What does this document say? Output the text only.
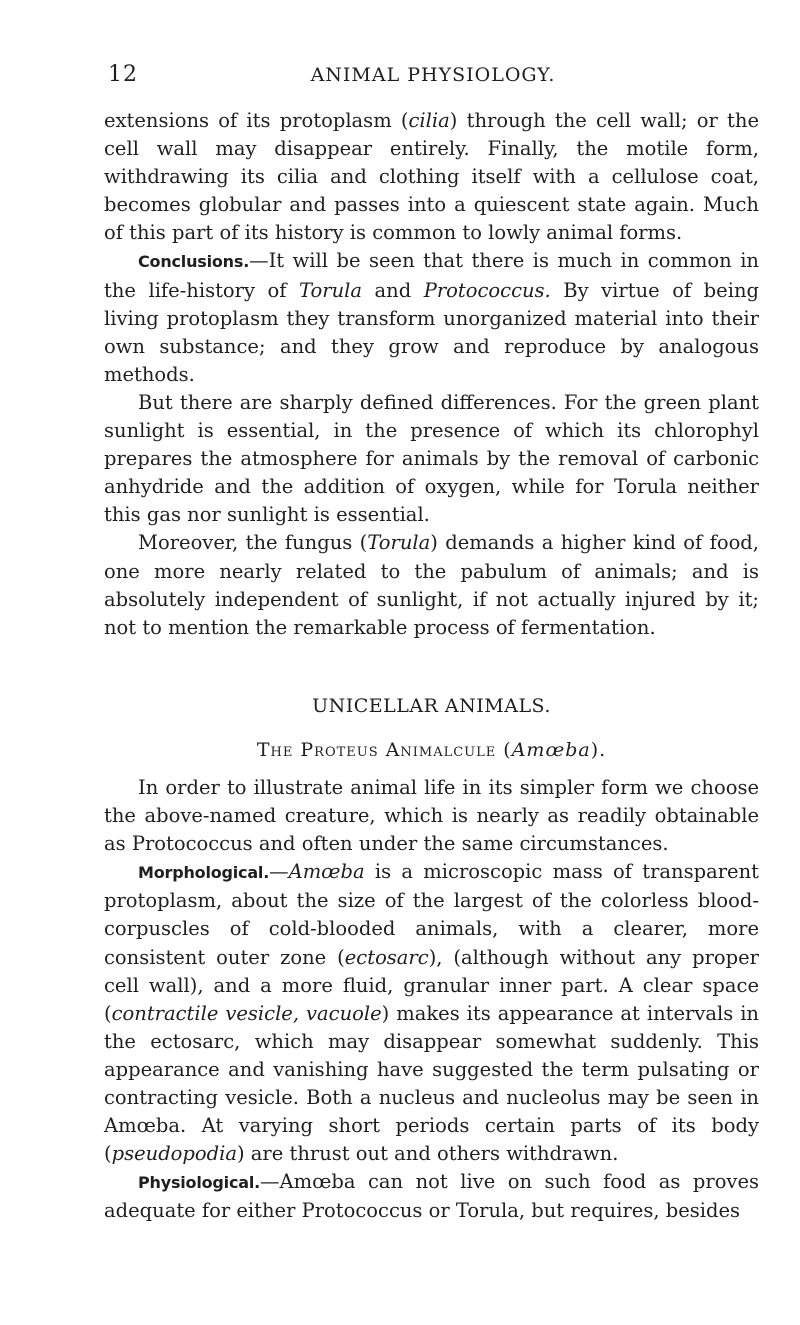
12	ANIMAL PHYSIOLOGY.

extensions of its protoplasm (cilia) through the cell wall; or the cell wall may disappear entirely. Finally, the motile form, withdrawing its cilia and clothing itself with a cellulose coat, becomes globular and passes into a quiescent state again. Much of this part of its history is common to lowly animal forms.

Conclusions.—It will be seen that there is much in common in the life-history of Torula and Protococcus. By virtue of being living protoplasm they transform unorganized material into their own substance; and they grow and reproduce by analogous methods.

But there are sharply defined differences. For the green plant sunlight is essential, in the presence of which its chlorophyl prepares the atmosphere for animals by the removal of carbonic anhydride and the addition of oxygen, while for Torula neither this gas nor sunlight is essential.

Moreover, the fungus (Torula) demands a higher kind of food, one more nearly related to the pabulum of animals; and is absolutely independent of sunlight, if not actually injured by it; not to mention the remarkable process of fermentation.

UNICELLAR ANIMALS.

The Proteus Animalcule (Amœba).

In order to illustrate animal life in its simpler form we choose the above-named creature, which is nearly as readily obtainable as Protococcus and often under the same circumstances.

Morphological.—Amœba is a microscopic mass of transparent protoplasm, about the size of the largest of the colorless blood-corpuscles of cold-blooded animals, with a clearer, more consistent outer zone (ectosarc), (although without any proper cell wall), and a more fluid, granular inner part. A clear space (contractile vesicle, vacuole) makes its appearance at intervals in the ectosarc, which may disappear somewhat suddenly. This appearance and vanishing have suggested the term pulsating or contracting vesicle. Both a nucleus and nucleolus may be seen in Amœba. At varying short periods certain parts of its body (pseudopodia) are thrust out and others withdrawn.

Physiological.—Amœba can not live on such food as proves adequate for either Protococcus or Torula, but requires, besides
